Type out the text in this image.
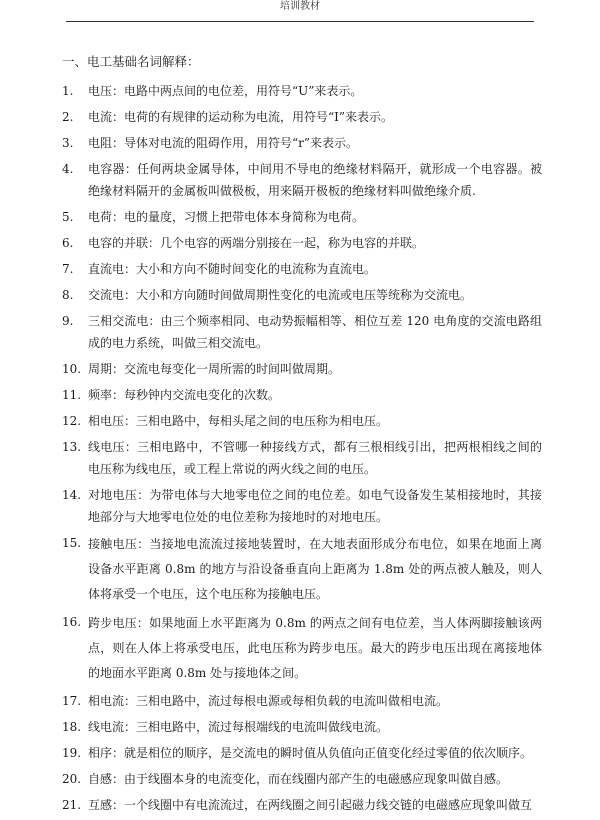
培训教材
一、电工基础名词解释：
1.	电压：电路中两点间的电位差，用符号“U”来表示。
2.	电流：电荷的有规律的运动称为电流，用符号“I”来表示。
3.	电阻：导体对电流的阻碍作用，用符号“r”来表示。
4.	电容器：任何两块金属导体，中间用不导电的绝缘材料隔开，就形成一个电容器。被绝缘材料隔开的金属板叫做极板，用来隔开极板的绝缘材料叫做绝缘介质.
5.	电荷：电的量度，习惯上把带电体本身简称为电荷。
6.	电容的并联：几个电容的两端分别接在一起，称为电容的并联。
7.	直流电：大小和方向不随时间变化的电流称为直流电。
8.	交流电：大小和方向随时间做周期性变化的电流或电压等统称为交流电。
9.	三相交流电：由三个频率相同、电动势振幅相等、相位互差 120 电角度的交流电路组成的电力系统，叫做三相交流电。
10. 周期：交流电每变化一周所需的时间叫做周期。
11. 频率：每秒钟内交流电变化的次数。
12. 相电压：三相电路中，每相头尾之间的电压称为相电压。
13. 线电压：三相电路中，不管哪一种接线方式，都有三根相线引出，把两根相线之间的电压称为线电压，或工程上常说的两火线之间的电压。
14. 对地电压：为带电体与大地零电位之间的电位差。如电气设备发生某相接地时，其接地部分与大地零电位处的电位差称为接地时的对地电压。
15. 接触电压：当接地电流流过接地装置时，在大地表面形成分布电位，如果在地面上离设备水平距离 0.8m 的地方与沿设备垂直向上距离为 1.8m 处的两点被人触及，则人体将承受一个电压，这个电压称为接触电压。
16. 跨步电压：如果地面上水平距离为 0.8m 的两点之间有电位差，当人体两脚接触该两点，则在人体上将承受电压，此电压称为跨步电压。最大的跨步电压出现在离接地体的地面水平距离 0.8m 处与接地体之间。
17. 相电流：三相电路中，流过每根电源或每相负载的电流叫做相电流。
18. 线电流：三相电路中，流过每根端线的电流叫做线电流。
19. 相序：就是相位的顺序，是交流电的瞬时值从负值向正值变化经过零值的依次顺序。
20. 自感：由于线圈本身的电流变化，而在线圈内部产生的电磁感应现象叫做自感。
21. 互感：一个线圈中有电流流过，在两线圈之间引起磁力线交链的电磁感应现象叫做互
